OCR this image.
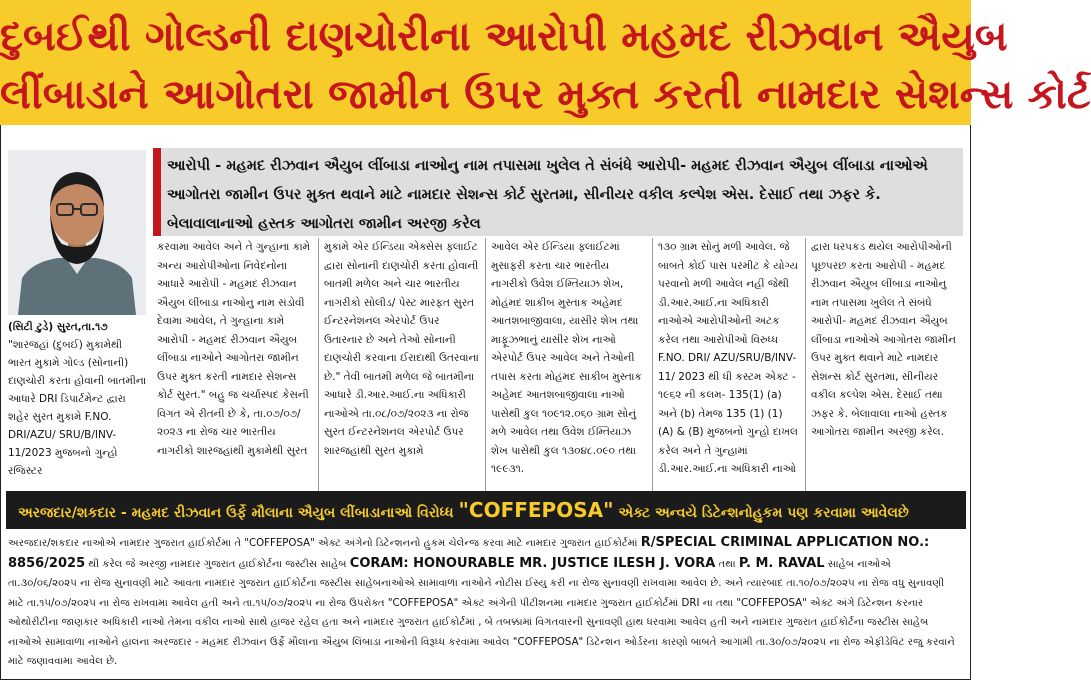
દુબઈથી ગોલ્ડની દાણચોરીના આરોપી મહમદ રીઝવાન ઐયુબ
લીંબાડાને આગોતરા જામીન ઉપર મુક્ત કરતી નામદાર સેશન્સ કોર્ટ
આરોપી - મહમદ રીઝવાન ઐયુબ લીંબાડા નાઓનુ નામ તપાસમા ખુલેલ તે સંબંધે આરોપી- મહમદ રીઝવાન ઐયુબ લીંબાડા નાઓએ આગોતરા જામીન ઉપર મુક્ત થવાને માટે નામદાર સેશન્સ કોર્ટ સુરતમા, સીનીયર વકીલ કલ્પેશ એસ. દેસાઈ તથા ઝફર કે. બેલાવાલાનાઓ હસ્તક આગોતરા જામીન અરજી કરેલ
(સિટી ટુડે) સુરત,તા.૧૭ "શારજહાં (દુબઈ) મુકામેથી ભારત મુકામે ગોલ્ડ (સોનાની) દાણચોરી કરતા હોવાની બાતમીના આધારે DRI ડિપાર્ટમેન્ટ દ્વારા શહેર સુરત મુકામે F.NO. DRI/AZU/ SRU/B/INV-11/2023 મુજબનો ગુન્હો રજિસ્ટર
કરવામા આવેલ અને તે ગુન્હાના કામે અન્ય આરોપીઓના નિવેદનોના આધારે આરોપી - મહમદ રીઝવાન ઐયુબ લીંબાડા નાઓનુ નામ સંડોવી દેવામા આવેલ, તે ગુન્હાના કામે આરોપી - મહમદ રીઝવાન ઐયુબ લીંબાડા નાઓને આગોતરા જામીન ઉપર મુક્ત કરતી નામદાર સેશન્સ કોર્ટ સુરત." બહુ જ ચર્ચાસ્પદ કેસની વિગત એ રીતની છે કે, તા.૦૭/૦૭/ ૨૦૨૩ ના રોજ ચાર ભારતીય નાગરીકો શારજહાંથી મુકામેથી સુરત
મુકામે એર ઈન્ડિયા એક્સેસ ફ્લાઈટ દ્વારા સોનાની દાણચોરી કરતા હોવાની બાતમી મળેલ અને ચાર ભારતીય નાગરીકો સોલીડ/ પેસ્ટ મારફત સુરત ઈન્ટરનેશનલ એરપોર્ટ ઉપર ઉતારનાર છે અને તેઓ સોનાની દાણચોરી કરવાના ઈરાદાથી ઉતરવાના છે." તેવી બાતમી મળેલ જે બાતમીના આધારે ડી.આર.આઈ.ના અધિકારી નાઓએ તા.૦૮/૦૭/૨૦૨૩ ના રોજ સુરત ઈન્ટરનેશનલ એરપોર્ટ ઉપર શારજહાંથી સુરત મુકામે
આવેલ એર ઈન્ડિયા ફ્લાઈટમાં મુસાફરી કરતા ચાર ભારતીય નાગરીકો ઉવેશ ઈમ્તિયાઝ શેખ, મોહંમદ શાકીબ મુસ્તાક અહેમદ આતશબાજીવાલા, યાસીર શેખ તથા માફૂઝભાનું યાસીર શેખ નાઓ એરપોર્ટ ઉપર આવેલ અને તેઓની તપાસ કરતા મોહંમદ સાકીબ મુસ્તાક અહેમદ આતશબાજીવાલા નાઓ પાસેથી કુલ ૧૦૯૧૨.૦૬૦ ગ્રામ સોનું મળે આવેલ તથા ઉવેશ ઈમ્તિયાઝ શેખ પાસેથી કુલ ૧૩૦૪૮.૦૯૦ તથા ૧૯૯૩૧.
૧૩૦ ગ્રામ સોનું મળી આવેલ. જે બાબતે કોઈ પાસ પરમીટ કે યોગ્ય પરવાનો મળી આવેલ નહીં જેથી ડી.આર.આઈ.ના અધિકારી નાઓએ આરોપીઓની અટક કરેલ તથા આરોપીઓ વિરુધ્ધ F.NO. DRI/ AZU/SRU/B/INV- 11/ 2023 થી ધી કસ્ટમ એક્ટ - ૧૯૬૨ ની કલમ- 135(1) (a) અને (b) તેમજ 135 (1) (1) (A) & (B) મુજબનો ગુન્હો દાખલ કરેલ અને તે ગુન્હામાં ડી.આર.આઈ.ના અધિકારી નાઓ
દ્વારા ધરપકડ થયેલ આરોપીઓની પૂછપરછ કરતા આરોપી - મહમદ રીઝવાન ઐયુબ લીંબાડા નાઓનુ નામ તપાસમા ખુલેલ તે સંબંધે આરોપી- મહમદ રીઝવાન ઐયુબ લીંબાડા નાઓએ આગોતરા જામીન ઉપર મુક્ત થવાને માટે નામદાર સેશન્સ કોર્ટ સુરતમા, સીનીયર વકીલ કલ્પેશ એસ. દેસાઈ તથા ઝફર કે. બેલાવાલા નાઓ હસ્તક આગોતરા જામીન અરજી કરેલ.
અરજદાર/શકદાર - મહમદ રીઝવાન ઉર્ફે મૌલાના ઐયુબ લીંબાડાનાઓ વિરોધ્ધ "COFFEPOSA" એક્ટ અન્વયે ડિટેન્શનોહુકમ પણ કરવામા આવેલછે
અરજદાર/શકદાર નાઓએ નામદાર ગુજરાત હાઈકોર્ટમા તે "COFFEPOSA" એક્ટ અંગેનો ડિટેન્શનનો હુકમ ચેલેન્જ કરવા માટે નામદાર ગુજરાત હાઈકોર્ટમાં R/SPECIAL CRIMINAL APPLICATION NO.: 8856/2025 થી કરેલ જે અરજી નામદાર ગુજરાત હાઈકોર્ટના જસ્ટીસ સાહેબ CORAM: HONOURABLE MR. JUSTICE ILESH J. VORA તથા P. M. RAVAL સાહેબ નાઓએ તા.૩૦/૦૬/૨૦૨૫ ના રોજ સુનાવણી માટે આવતા નામદાર ગુજરાત હાઈકોર્ટના જસ્ટીસ સાહેબનાઓએ સામાવાળા નાઓને નોટીસ ઈસ્યુ કરી ના રોજ સુનાવણી રાખવામા આવેલ છે. અને ત્યારબાદ તા.૧૦/૦૭/૨૦૨૫ ના રોજ વધુ સુનાવણી માટે તા.૧૫/૦૭/૨૦૨૫ ના રોજ રાખવામા આવેલ હતી અને તા.૧૫/૦૭/૨૦૨૫ ના રોજ ઉપરોક્ત "COFFEPOSA" એક્ટ અંગેની પીટીશનમા નામદાર ગુજરાત હાઈકોર્ટમાં DRI ના તથા "COFFEPOSA" એક્ટ અંગે ડિટેન્શન કરનાર ઓથોરીટીના જાણકાર અધિકારી નાઓ તેમના વકીલ નાઓ સાથે હાજર રહેલ હતા અને નામદાર ગુજરાત હાઈકોર્ટમાં , બે તબક્કામાં વિગતવારની સુનાવણી હાથ ધરવામા આવેલ હતી અને નામદાર ગુજરાત હાઈકોર્ટના જસ્ટીસ સાહેબ નાઓએ સામાવાળા નાઓને હાલના અરજદાર - મહમદ રીઝવાન ઉર્ફે મૌલાના ઐયુબ લિંબાડા નાઓની વિરૂધ્ધ કરવામા આવેલ "COFFEPOSA" ડિટેન્શન ઓર્ડરના કારણો બાબતે આગામી તા.૩૦/૦૭/૨૦૨૫ ના રોજ એફીડેવિટ રજુ કરવાને માટે જણાવવામા આવેલ છે.
